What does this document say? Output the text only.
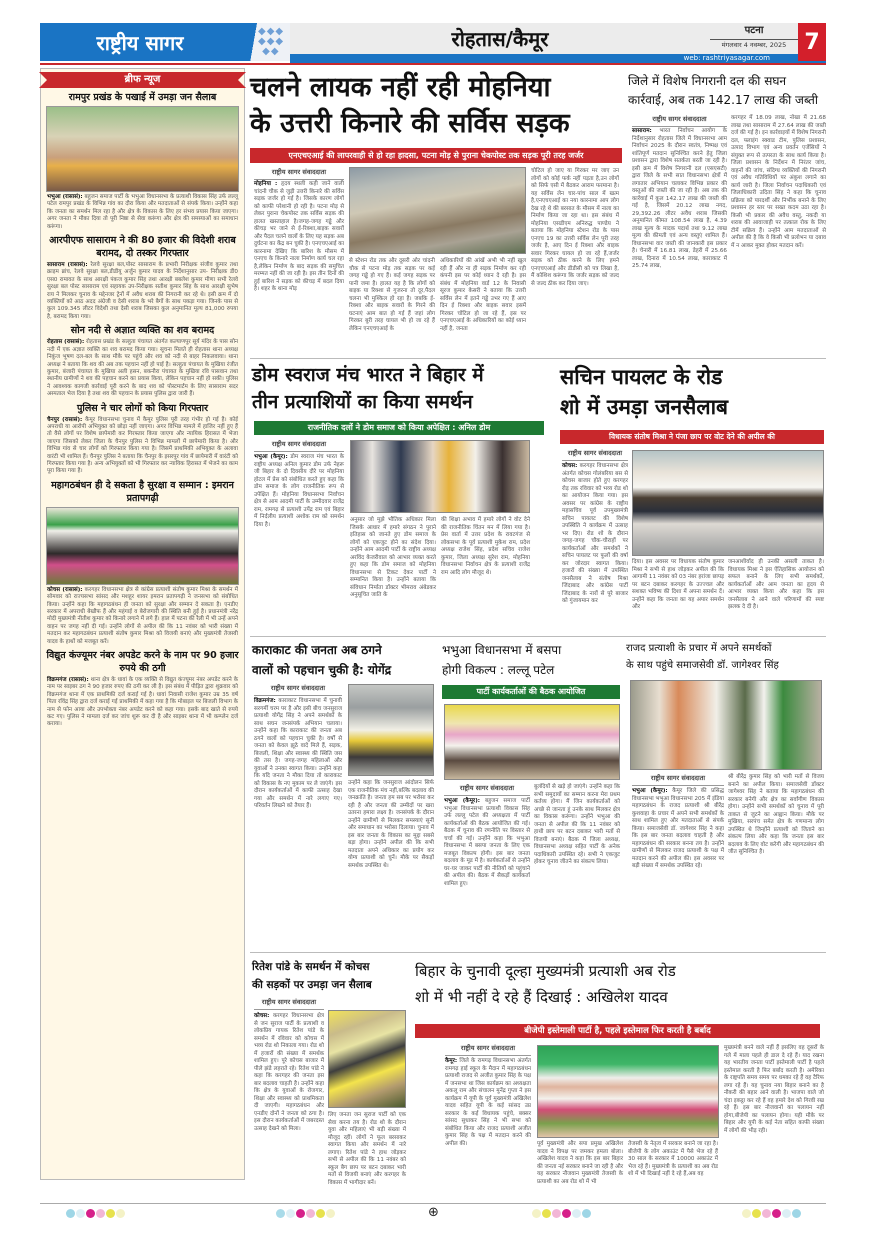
राष्ट्रीय सागर	◆◆◆
◆◆◆
◆◆
रोहतास/कैमूर	पटना
मंगलवार 4 नवम्बर, 2025
web: rashtriyasagar.com
7
ब्रीफ न्यूज
रामपुर प्रखंड के पखाई में उमड़ा जन सैलाब

भभुआ (रासासं): बहुजन समाज पार्टी के भभुआ विधानसभा के प्रत्याशी विकास सिंह उर्फ लल्लू पटेल रामपुर प्रखंड के विभिन्न गांव का दौरा किया और मतदाताओं से संपर्क किया। उन्होंने कहा कि जनता का समर्थन मिल रहा है और क्षेत्र के विकास के लिए हर संभव प्रयास किया जाएगा। अगर जनता ने मौका दिया तो पूरी निष्ठा से सेवा करूंगा और क्षेत्र की समस्याओं का समाधान करूंगा।

आरपीएफ सासाराम ने की 80 हजार की विदेशी शराब बरामद, दो तस्कर गिरफ्तार

सासाराम (रासासं): रेलवे सुरक्षा बल,पोस्ट सासाराम के प्रभारी निरीक्षक संजीव कुमार तथा क्राइम ब्रांच, रेलवे सुरक्षा बल,डीडीयू अर्जुन कुमार यादव के निर्देशानुसार उप- निरीक्षक डी0 एस0 रामावत के साथ आरक्षी पंकज कुमार सिंह तथा आरक्षी बबलेश कुमार मीणा सभी रेलवे सुरक्षा बल पोस्ट सासाराम एवं सहायक उप-निरीक्षक सतीश कुमार सिंह के साथ आरक्षी सुभेष राय ने मिलकर चुनाव के मद्देनजर ट्रेनों में अवैध शराब की निगरानी कर रहे थे। इसी क्रम में दो व्यक्तियों को आठ अदद अंग्रेजी व देसी शराब के भरे बैगों के साथ पकड़ा गया। जिनके पास से कुल 109.345 लीटर विदेशी तथा देसी शराब जिसका कुल अनुमानित मूल्य 81,000 रुपया है, बरामद किया गया।

सोन नदी से अज्ञात व्यक्ति का शव बरामद

रोहतास (रासासं): रोहतास प्रखंड के सल्हुता पंचायत अंतर्गत कल्याणपुर सूर्य मंदिर के पास सोन नदी में एक अज्ञात व्यक्ति का शव बरामद किया गया। सूचना मिलते ही रोहतास थाना अध्यक्ष निकुंज भूषण दल-बल के साथ मौके पर पहुंचे और शव को नदी से बाहर निकलवाया। थाना अध्यक्ष ने बताया कि शव की अब तक पहचान नहीं हो पाई है। सल्हुता पंचायत के मुखिया रंजीत कुमार, बंजारी पंचायत के मुखिया अली हसन, बकनौरा पंचायत के मुखिया रवि पासवान तथा स्थानीय ग्रामीणों ने शव की पहचान करने का प्रयास किया, लेकिन पहचान नहीं हो सकी। पुलिस ने आवश्यक कागजी कार्रवाई पूरी करने के बाद शव को पोस्टमार्टम के लिए सासाराम सदर अस्पताल भेज दिया है तथा शव की पहचान के प्रयास पुलिस द्वारा जारी हैं।

पुलिस ने चार लोगों को किया गिरफ्तार

चैनपुर (रासासं): कैमूर विधानसभा चुनाव में कैमूर पुलिस पूरी तरह गंभीर हो गई है। कोई अपराधी या आरोपी अभियुक्त को छोड़ा नहीं जाएगा। अगर विभिन्न मामले में हाजिर नहीं हुए हैं तो वैसे लोगों पर विशेष छापेमारी कर गिरफ्तार किया जाएगा और न्यायिक हिरासत में भेजा जाएगा जिसको लेकर जिला के चैनपुर पुलिस ने विभिन्न मामलों में छापेमारी किया है। और विभिन्न गांव से चार लोगों को गिरफ्तार किया गया है। जिसमें प्राथमिकी अभियुक्त के अलावा वारंटी भी शामिल हैं। चैनपुर पुलिस ने बताया कि चैनपुर के इसरपुर गांव में छापेमारी में वारंटी को गिरफ्तार किया गया है। अन्य अभियुक्तों को भी गिरफ्तार कर न्यायिक हिरासत में भेजने का काम पूरा किया गया है।

महागठबंधन ही दे सकता है सुरक्षा व सम्मान : इमरान प्रतापगढ़ी

कोचस (रासासं): करगहर विधानसभा क्षेत्र से कांग्रेस प्रत्याशी संतोष कुमार मिश्रा के समर्थन में सोमवार को राज्यसभा सांसद और मशहूर शायर इमरान प्रतापगढ़ी ने जनसभा को संबोधित किया। उन्होंने कहा कि महागठबंधन ही जनता को सुरक्षा और सम्मान दे सकता है। एनडीए सरकार में अपराधी बेखौफ हैं और महंगाई व बेरोजगारी की स्थिति बनी हुई है। प्रधानमंत्री नरेंद्र मोदी मुख्यमंत्री नीतीश कुमार को किनारे लगाने में लगे हैं। हाल में पटना की रैली में भी उन्हें अपने वाहन पर जगह नहीं दी गई। उन्होंने लोगों से अपील की कि 11 नवंबर को भारी संख्या में मतदान कर महागठबंधन प्रत्याशी संतोष कुमार मिश्रा को विजयी बनाएं और मुख्यमंत्री तेजस्वी यादव के हाथों को मजबूत करें।

विद्युत कंज्यूमर नंबर अपडेट करने के नाम पर 90 हजार रुपये की ठगी

विक्रमगंज (रासासं): थाना क्षेत्र के धावां के एक व्यक्ति से विद्युत कंज्यूमर नंबर अपडेट करने के नाम पर साइबर ठग ने 90 हजार रुपए की ठगी कर ली है। इस संबंध में पीड़ित द्वारा शुक्रवार को विक्रमगंज थाना में एक प्राथमिकी दर्ज कराई गई है। धावां निवासी राजेश कुमार उम्र 35 वर्ष पिता रविंद्र सिंह द्वारा दर्ज कराई गई प्राथमिकी में कहा गया है कि मोबाइल पर बिजली विभाग के नाम से फोन आया और उपभोक्ता नंबर अपडेट करने को कहा गया। इसके बाद खाते से रुपये कट गए। पुलिस ने मामला दर्ज कर जांच शुरू कर दी है और साइबर थाना में भी कम्प्लेन दर्ज कराया।

चलने लायक नहीं रही मोहनिया
के उत्तरी किनारे की सर्विस सड़क
एनएचएआई की लापरवाही से हो रहा हादसा, पटना मोड़ से पुराना चेकपोस्ट तक सड़क पूरी तरह जर्जर
राष्ट्रीय सागर संवाददाता
मोहनिया : हृदय स्थली कही जाने वाली चांदनी चौक से जुड़ी उत्तरी किनारे की सर्विस सड़क जर्जर हो गई है। जिसके कारण लोगों को काफी परेशानी हो रही है। पटना मोड़ से लेकर पुराना चेकपोस्ट तक सर्विस सड़क की हालत खस्ताहाल है।जगह-जगह गड्ढे और कीचड़ भर जाने से ई-रिक्शा,बाइक सवारों और पैदल चलने वालों के लिए यह सड़क अब दुर्घटना का केंद्र बन चुकी है। एनएचएआई का कारनामा देखिए कि बारिश के मौसम में एनएच के किनारे नाला निर्माण कार्य चल रहा है,लेकिन निर्माण के बाद सड़क की समुचित मरम्मत नहीं की जा रही है। इस तीन दिनों की हुई बारिश ने सड़क को कीचड़ में बदल दिया है। शहर के थाना मोड़
से स्टेशन रोड तक और दूसरी ओर चांदनी चौक से पटना मोड़ तक सड़क पर कई जगह गड्ढे हो गए हैं। कई जगह सड़क पर पानी जमा है। हालत यह है कि लोगों को बाइक या रिक्शा से गुजरना तो दूर,पैदल चलना भी मुश्किल हो रहा है। जबकि ई-रिक्शा और बाइक सवारों के गिरने की घटनाएं आम बात हो गई हैं जहां लोग गिरकर बुरी तरह घायल भी हो जा रहे हैं लेकिन एनएचएआई के
अधिकारियों की आंखें अभी भी नहीं खुल रही हैं और ना ही सड़क निर्माण कर रही कंपनी इस पर कोई ध्यान दे रही है। इस संबंध में मोहनिया वार्ड 12 के निवासी सूरज कुमार केसरी ने बताया कि उत्तरी सर्विस लेन में इतने गड्ढे उभर गए हैं आए दिन ई रिक्शा और बाइक सवार इसमें गिरकर चोटिल हो जा रहे हैं, इस पर एनएचएआई के अधिकारियों का कोई ध्यान नहीं है, जनता
चोटिल हो जाए या गिरकर मर जाए उन लोगों को कोई फर्क नहीं पड़ता है,उन लोगों को सिर्फ एसी में बैठकर आराम फरमाना है। यह सर्विस लेन चार-पांच साल में खत्म है,एनएचएआई का नया कारनामा आप लोग देख रहे थे की बरसात के मौसम में नाला का निर्माण किया जा रहा था। इस संबंध में मोहनिया एसडीएम अनिरुद्ध पाण्डेय ने बताया कि मोहनिया स्टेशन रोड के पास एनएच 19 का उत्तरी सर्विस लेन पूरी तरह जर्जर है, आए दिन ई रिक्शा और बाइक सवार गिरकर घायल हो जा रहे हैं,जर्जर सड़क को ठीक करने के लिए हमने एनएचएआई और डीडीसी को पत्र लिखा है, मैं कोशिश करूंगा कि जर्जर सड़क को जल्द से जल्द ठीक कर दिया जाए।
जिले में विशेष निगरानी दल की सघन
कार्रवाई, अब तक 142.17 लाख की जब्ती
राष्ट्रीय सागर संवाददाता
सासाराम: भारत निर्वाचन आयोग के निर्देशानुसार रोहतास जिले में विधानसभा आम निर्वाचन 2025 के दौरान स्वतंत्र, निष्पक्ष एवं शांतिपूर्ण मतदान सुनिश्चित करने हेतु जिला प्रशासन द्वारा विशेष सतर्कता बरती जा रही है। इसी क्रम में विशेष निगरानी दल (एसएसटी) द्वारा जिले के सभी सात विधानसभा क्षेत्रों में लगातार अभियान चलाकर विभिन्न प्रकार की वस्तुओं की जब्ती की जा रही है। अब तक की कार्रवाई में कुल 142.17 लाख की जब्ती की गई है, जिसमें 20.12 लाख नगद, 29,392.26 लीटर अवैध शराब जिसकी अनुमानित कीमत 108.54 लाख है, 4.39 लाख मूल्य के मादक पदार्थ तथा 9.12 लाख मूल्य की कीमती एवं अन्य वस्तुएं शामिल हैं। विधानसभा वार जब्ती की जानकारी इस प्रकार है। चेनारी में 16.81 लाख, डेहरी में 25.66 लाख, दिनारा में 10.54 लाख, काराकाट में 25.74 लाख,
करगहर में 18.09 लाख, नोखा में 21.68 लाख तथा सासाराम में 27.64 लाख की जब्ती दर्ज की गई है। इन कार्रवाइयों में विशेष निगरानी दल, फ्लाइंग स्क्वाड टीम, पुलिस प्रशासन, उत्पाद विभाग एवं अन्य प्रवर्तन एजेंसियों ने संयुक्त रूप से तत्परता के साथ कार्य किया है। जिला प्रशासन के निर्देशन में निरंतर जांच, वाहनों की जांच, संदिग्ध व्यक्तियों की निगरानी एवं अवैध गतिविधियों पर अंकुश लगाने का कार्य जारी है। जिला निर्वाचन पदाधिकारी एवं जिलाधिकारी उदिता सिंह ने कहा कि चुनाव प्रक्रिया को पारदर्शी और निर्भीक बनाने के लिए प्रशासन हर स्तर पर सख्त कदम उठा रहा है। किसी भी प्रकार की अवैध वस्तु, नकदी या शराब की आवाजाही पर तत्काल रोक के लिए टीमें सक्रिय हैं। उन्होंने आम मतदाताओं से अपील की है कि वे किसी भी प्रलोभन या दबाव में न आकर मुक्त होकर मतदान करें।
डोम स्वराज मंच भारत ने बिहार में
तीन प्रत्याशियों का किया समर्थन
राजनीतिक दलों ने डोम समाज को किया अपेक्षित : अनिल डोम
राष्ट्रीय सागर संवाददाता
भभुआ (कैमूर): डोम स्वराज मंच भारत के राष्ट्रीय अध्यक्ष अनिल कुमार डोम उर्फ नेहरू जी बिहार के दो दिवसीय दौरे पर मोहनिया होटल में प्रेस को संबोधित करते हुए कहा कि डोम समाज के लोग राजनीतिक रूप से उपेक्षित हैं। मोहनिया विधानसभा निर्वाचन क्षेत्र से आम आदमी पार्टी के उम्मीदवार राजेंद्र राम, रामगढ़ से प्रत्याशी उपेंद्र राम एवं बिहार में निर्दलीय प्रत्याशी अशोक राम को समर्थन दिया है।
अनुसार जो मुझे भौतिक अधिकार मिला जिसके आधार में हमारे संगठन ने पुराने इतिहास को जानते हुए डोम समाज के लोगों को एकजुट होने का संदेश दिया। उन्होंने आम आदमी पार्टी के राष्ट्रीय अध्यक्ष अरविंद केजरीवाल को आभार व्यक्त करते हुए कहा कि डोम समाज को मोहनिया विधानसभा से टिकट देकर पार्टी ने सम्मानित किया है। उन्होंने बताया कि संविधान निर्माता डॉक्टर भीमराव अंबेडकर अनुसूचित जाति के
की शिक्षा अभाव में हमारे लोगों ने वोट देने की राजनीतिक चिंतन मन में लिया गया है। प्रेस वार्ता में उत्तर प्रदेश के रावटगंज से लोकसभा के पूर्व प्रत्याशी मुकेश राम, प्रदेश अध्यक्ष राजेश सिंह, प्रदेश सचिव राजेश कुमार, जिला अध्यक्ष सुरेश राम, मोहनिया विधानसभा निर्वाचन क्षेत्र के प्रत्याशी राजेंद्र राम आदि लोग मौजूद थे।
सचिन पायलट के रोड
शो में उमड़ा जनसैलाब
विधायक संतोष मिश्रा ने पंजा छाप पर वोट देने की अपील की
राष्ट्रीय सागर संवाददाता
कोचस: करगहर विधानसभा क्षेत्र अंतर्गत कोचस गोलंबरिया बस से कोचस बाजार होते हुए करगहर रोड़ तक रविवार को भव्य रोड शो का आयोजन किया गया। इस अवसर पर कांग्रेस के राष्ट्रीय महासचिव पूर्व उपमुख्यमंत्री सचिन पायलट की विशेष उपस्थिति ने कार्यक्रम में उत्साह भर दिए। रोड शो के दौरान जगह-जगह चौक-चौराहों पर कार्यकर्ताओं और समर्थकों ने सचिन पायलट पर फूलों की वर्षा कर जोरदार स्वागत किया। हजारों की संख्या में उपस्थित जनसैलाब ने संतोष मिश्रा जिंदाबाद और कांग्रेस पार्टी जिंदाबाद के नारों से पूरे बाजार को गुंजायमान कर
दिया। इस अवसर पर विधायक संतोष कुमार मिश्रा ने सभी से हाथ जोड़कर अपील की कि आगामी 11 नवंबर को 03 नंबर हरांजा छापड़ पर बटन दबाकर करगहर के उज्ज्वल और सशक्त भविष्य की दिशा में अपना समर्थन दें। उन्होंने कहा कि जनता का यह अपार समर्थन और
जनआशीर्वाद ही उनकी असली ताकत है। विधायक मिश्रा ने इस ऐतिहासिक आयोजन को सफल बनाने के लिए सभी समर्थकों, कार्यकर्ताओं और आम जनता का हृदय से आभार व्यक्त किया और कहा कि इस जनसैलाब ने आने वाले परिणामों की स्पष्ट झलक दे दी है।
काराकाट की जनता अब ठगने
वालों को पहचान चुकी है: योगेंद्र
राष्ट्रीय सागर संवाददाता
विक्रमगंज: काराकाट विधानसभा में चुनावी सरगर्मी चरम पर है और इसी बीच जनसुराज प्रत्याशी योगेंद्र सिंह ने अपने समर्थकों के साथ सघन जनसंपर्क अभियान चलाया। उन्होंने कहा कि काराकाट की जनता अब ठगने वालों को पहचान चुकी है। वर्षों से जनता को केवल झूठे वादे मिले हैं, सड़क, बिजली, शिक्षा और स्वास्थ्य की स्थिति जस की तस है। जगह-जगह महिलाओं और युवाओं ने उनका स्वागत किया। उन्होंने कहा कि यदि जनता ने मौका दिया तो काराकाट को विकास के नए मुकाम पर ले जाएंगे। इस दौरान कार्यकर्ताओं में काफी उत्साह देखा गया और समर्थन में नारे लगाए गए। परिवर्तन लिखने को तैयार हैं।
उन्होंने कहा कि जनसुराज आंदोलन सिर्फ एक राजनीतिक मंच नहीं,बल्कि बदलाव की जनक्रांति है। जनता हम सब पर भरोसा कर रही है और जनता की उम्मीदों पर खरा उतरना हमारा लक्ष्य है। जनसंपर्क के दौरान उन्होंने ग्रामीणों से मिलकर समस्याएं सुनीं और समाधान का भरोसा दिलाया। चुनाव में इस बार जनता के विकास का मुद्दा सबसे बड़ा होगा। उन्होंने अपील की कि सभी मतदाता अपने अधिकार का प्रयोग कर योग्य प्रत्याशी को चुनें। मौके पर सैकड़ों समर्थक उपस्थित थे।
भभुआ विधानसभा में बसपा
होगी विकल्प : लल्लू पटेल
पार्टी कार्यकर्ताओं की बैठक आयोजित
राष्ट्रीय सागर संवाददाता
भभुआ (कैमूर): बहुजन समाज पार्टी भभुआ विधानसभा प्रत्याशी विकास सिंह उर्फ लल्लू पटेल की अध्यक्षता में पार्टी कार्यकर्ताओं की बैठक आयोजित की गई। बैठक में चुनाव की रणनीति पर विस्तार से चर्चा की गई। उन्होंने कहा कि भभुआ विधानसभा में बसपा जनता के लिए एक मजबूत विकल्प होगी। इस बार जनता बदलाव के मूड में है। कार्यकर्ताओं से उन्होंने घर-घर जाकर पार्टी की नीतियों को पहुंचाने की अपील की। बैठक में सैकड़ों कार्यकर्ता शामिल हुए।
बुलंदियों से खड़े हो जाएंगे। उन्होंने कहा कि सभी समुदायों का सम्मान करना मेरा प्रथम कर्तव्य होगा। मैं जिन कार्यकर्ताओं को अच्छे से जानता हूं उनके साथ मिलकर क्षेत्र का विकास करूंगा। उन्होंने भभुआ की जनता से अपील की कि 11 नवंबर को हाथी छाप पर बटन दबाकर भारी मतों से विजयी बनाएं। बैठक में जिला अध्यक्ष, विधानसभा अध्यक्ष सहित पार्टी के अनेक पदाधिकारी उपस्थित रहे। सभी ने एकजुट होकर चुनाव जीतने का संकल्प लिया।
राजद प्रत्याशी के प्रचार में अपने समर्थकों
के साथ पहुंचे समाजसेवी डॉ. जागेश्वर सिंह
राष्ट्रीय सागर संवाददाता
भभुआ (कैमूर): कैमूर जिले की प्रसिद्ध विधानसभा भभुआ विधानसभा 205 में इंडिया महागठबंधन के राजद प्रत्याशी श्री बीरेंद्र कुशवाहा के प्रचार में अपने सभी समर्थकों के साथ शामिल हुए और मतदाताओं से संपर्क किया। समाजसेवी डॉ. जागेश्वर सिंह ने कहा कि इस बार जनता बदलाव चाहती है और महागठबंधन की सरकार बनना तय है। उन्होंने ग्रामीणों से मिलकर राजद प्रत्याशी के पक्ष में मतदान करने की अपील की। इस अवसर पर बड़ी संख्या में समर्थक उपस्थित रहे।
श्री बीरेंद्र कुमार सिंह को भारी मतों से विजय बनाने का अपील किया। समाजसेवी डॉक्टर जागेश्वर सिंह ने बताया कि महागठबंधन की सरकार बनेगी और क्षेत्र का सर्वांगीण विकास होगा। उन्होंने सभी समर्थकों को चुनाव में पूरी ताकत से जुटने का आह्वान किया। मौके पर मुखिया, सरपंच समेत क्षेत्र के गणमान्य लोग उपस्थित थे जिन्होंने प्रत्याशी को जिताने का संकल्प लिया और कहा कि जनता इस बार बदलाव के लिए वोट करेगी और महागठबंधन की जीत सुनिश्चित है।
रितेश पांडे के समर्थन में कोचस
की सड़कों पर उमड़ा जन सैलाब
राष्ट्रीय सागर संवाददाता
कोचस: करगहर विधानसभा क्षेत्र से जन सुराज पार्टी के प्रत्याशी व लोकप्रिय गायक रितेश पांडे के समर्थन में रविवार को कोचस में भव्य रोड शो निकाला गया। रोड शो में हजारों की संख्या में समर्थक शामिल हुए। पूरे कोचस बाजार में पीले झंडे लहराते रहे। रितेश पांडे ने कहा कि करगहर की जनता इस बार बदलाव चाहती है। उन्होंने कहा कि क्षेत्र के युवाओं के रोजगार, शिक्षा और स्वास्थ्य को प्राथमिकता दी जाएगी। महागठबंधन और एनडीए दोनों ने जनता को ठगा है। इस दौरान कार्यकर्ताओं में जबरदस्त उत्साह देखने को मिला।
लिए जनता जन सुराज पार्टी को एक सेवा करना तय है। रोड शो के दौरान युवा और महिलाएं भी बड़ी संख्या में मौजूद रहीं। लोगों ने फूल बरसाकर स्वागत किया और समर्थन में नारे लगाए। रितेश पांडे ने हाथ जोड़कर सभी से अपील की कि 11 नवंबर को स्कूल बैग छाप पर बटन दबाकर भारी मतों से विजयी बनाएं और करगहर के विकास में भागीदार बनें।
बिहार के चुनावी दूल्हा मुख्यमंत्री प्रत्याशी अब रोड
शो में भी नहीं दे रहे हैं दिखाई : अखिलेश यादव
बीजेपी इस्तेमाली पार्टी है, पहले इस्तेमाल फिर करती है बर्बाद
राष्ट्रीय सागर संवाददाता
कैमूर: जिले के रामगढ़ विधानसभा अंतर्गत रामगढ़ हाई स्कूल के मैदान में महागठबंधन प्रत्याशी राजद से अजीत कुमार सिंह के पक्ष में जनसभा था जिस कार्यक्रम का अध्यक्षता अकलू राम और संचालन मुनेंद्र गुप्ता ने इस कार्यक्रम में यूपी के पूर्व मुख्यमंत्री अखिलेश यादव सहित यूपी के कई सांसद उप्र सरकार के कई विधायक पहुंचे, बक्सर सांसद सुधाकर सिंह ने भी सभा को संबोधित किया और राजद प्रत्याशी अजीत कुमार सिंह के पक्ष में मतदान करने की अपील की।	पूर्व मुख्यमंत्री और सपा प्रमुख अखिलेश यादव ने विपक्ष पर जमकर हमला बोला। अखिलेश यादव ने कहा कि इस बार बिहार की जनता नई सरकार बनाने जा रही है और यह सरकार नौजवान मुख्यमंत्री तेजस्वी के प्रत्याशी का अब रोड शो में भी
तेजस्वी के नेतृत्व में सरकार बनाने जा रहा है। बीजेपी के लोग अकाउंट में पैसे भेज रहे हैं 30 साल के सरकार में 10000 अकाउंट में भेज रहे हैं। मुख्यमंत्री के प्रत्याशी का अब रोड शो में भी दिखाई नहीं दे रहे हैं,अब वह
मुख्यमंत्री बनने वाले नहीं हैं इसलिए वह दूसरों के गले में माला पहले ही डाल दे रहे हैं। याद रखना यह भारतीय जनता पार्टी इस्तेमाली पार्टी है पहले इस्तेमाल करती है फिर बर्बाद करती है। अमेरिका के राष्ट्रपति समय समय पर धमका रहे हैं वह टैरिफ लगा रहे हैं। यह चुनाव नया बिहार बनाने का है नौकरी की बहार आने वाली है। भाजपा वाले जो चंदा इकट्ठा कर रहे हैं वह हमारे देश को गिरवी रख रहे हैं। इस बार नौजवानों का पलायन नहीं होगा,बीजेपी का पलायन होगा। यही मौके पर बिहार और यूपी के कई नेता सहित काफी संख्या में लोगों की भीड़ रही।
⊕
